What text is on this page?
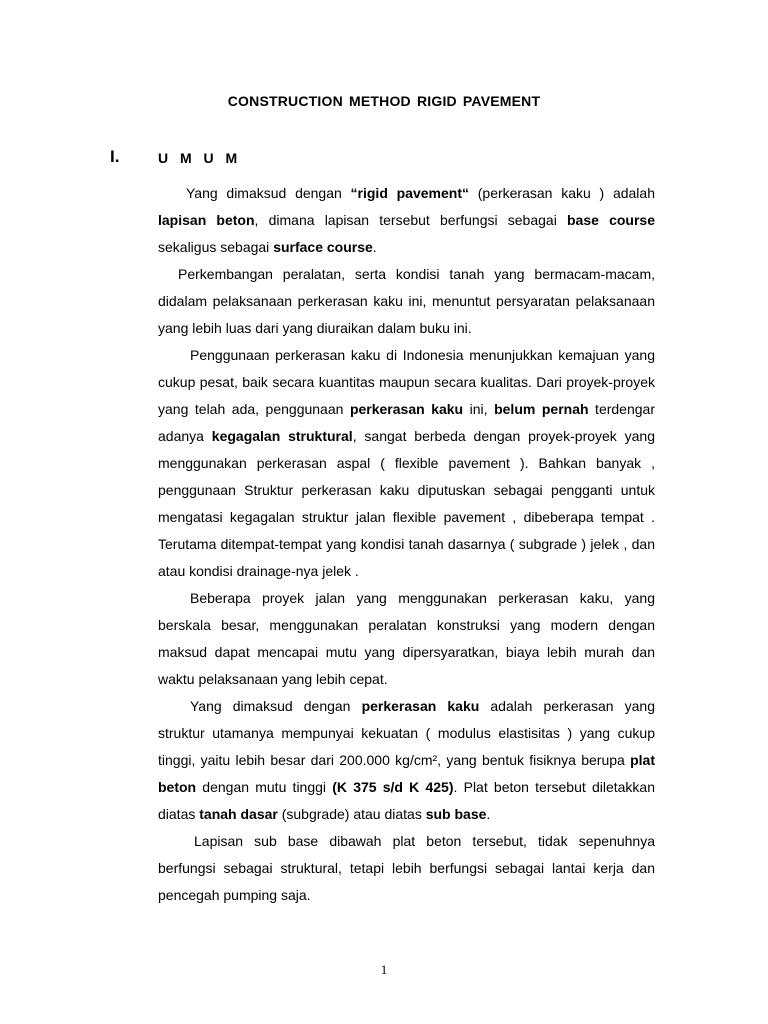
CONSTRUCTION METHOD RIGID PAVEMENT
I.	U M U M

Yang dimaksud dengan “rigid pavement“ (perkerasan kaku ) adalah lapisan beton, dimana lapisan tersebut berfungsi sebagai base course sekaligus sebagai surface course.

Perkembangan peralatan, serta kondisi tanah yang bermacam-macam, didalam pelaksanaan perkerasan kaku ini, menuntut persyaratan pelaksanaan yang lebih luas dari yang diuraikan dalam buku ini.

Penggunaan perkerasan kaku di Indonesia menunjukkan kemajuan yang cukup pesat, baik secara kuantitas maupun secara kualitas. Dari proyek-proyek yang telah ada, penggunaan perkerasan kaku ini, belum pernah terdengar adanya kegagalan struktural, sangat berbeda dengan proyek-proyek yang menggunakan perkerasan aspal ( flexible pavement ). Bahkan banyak , penggunaan Struktur perkerasan kaku diputuskan sebagai pengganti untuk mengatasi kegagalan struktur jalan flexible pavement , dibeberapa tempat . Terutama ditempat-tempat yang kondisi tanah dasarnya ( subgrade ) jelek , dan atau kondisi drainage-nya jelek .

Beberapa proyek jalan yang menggunakan perkerasan kaku, yang berskala besar, menggunakan peralatan konstruksi yang modern dengan maksud dapat mencapai mutu yang dipersyaratkan, biaya lebih murah dan waktu pelaksanaan yang lebih cepat.

Yang dimaksud dengan perkerasan kaku adalah perkerasan yang struktur utamanya mempunyai kekuatan ( modulus elastisitas ) yang cukup tinggi, yaitu lebih besar dari 200.000 kg/cm², yang bentuk fisiknya berupa plat beton dengan mutu tinggi (K 375 s/d K 425). Plat beton tersebut diletakkan diatas tanah dasar (subgrade) atau diatas sub base.

Lapisan sub base dibawah plat beton tersebut, tidak sepenuhnya berfungsi sebagai struktural, tetapi lebih berfungsi sebagai lantai kerja dan pencegah pumping saja.

1
